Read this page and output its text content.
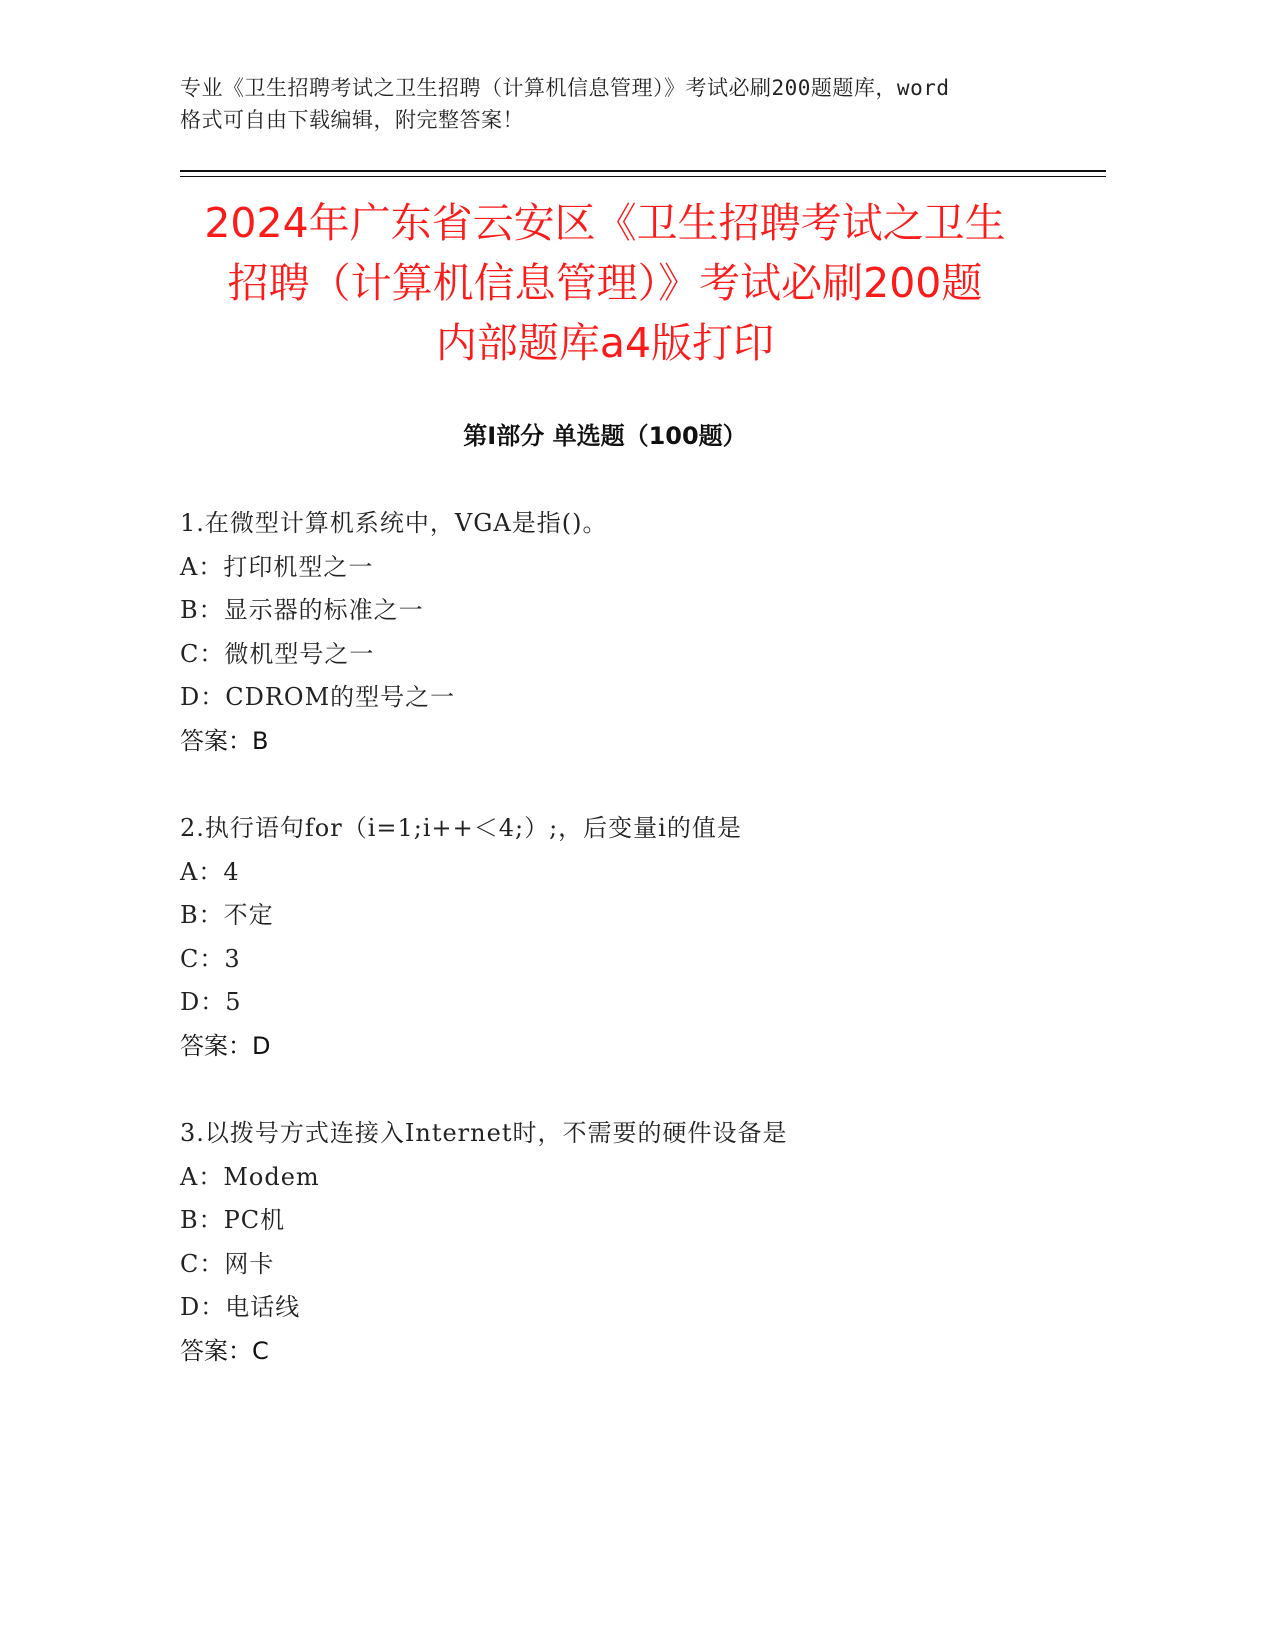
专业《卫生招聘考试之卫生招聘（计算机信息管理）》考试必刷200题题库，word
格式可自由下载编辑，附完整答案！
2024年广东省云安区《卫生招聘考试之卫生
招聘（计算机信息管理）》考试必刷200题
内部题库a4版打印
第Ⅰ部分 单选题（100题）
1.在微型计算机系统中，VGA是指()。
A：打印机型之一
B：显示器的标准之一
C：微机型号之一
D：CDROM的型号之一
答案：B
2.执行语句for（i=1;i++＜4;）;，后变量i的值是
A：4
B：不定
C：3
D：5
答案：D
3.以拨号方式连接入Internet时，不需要的硬件设备是
A：Modem
B：PC机
C：网卡
D：电话线
答案：C
